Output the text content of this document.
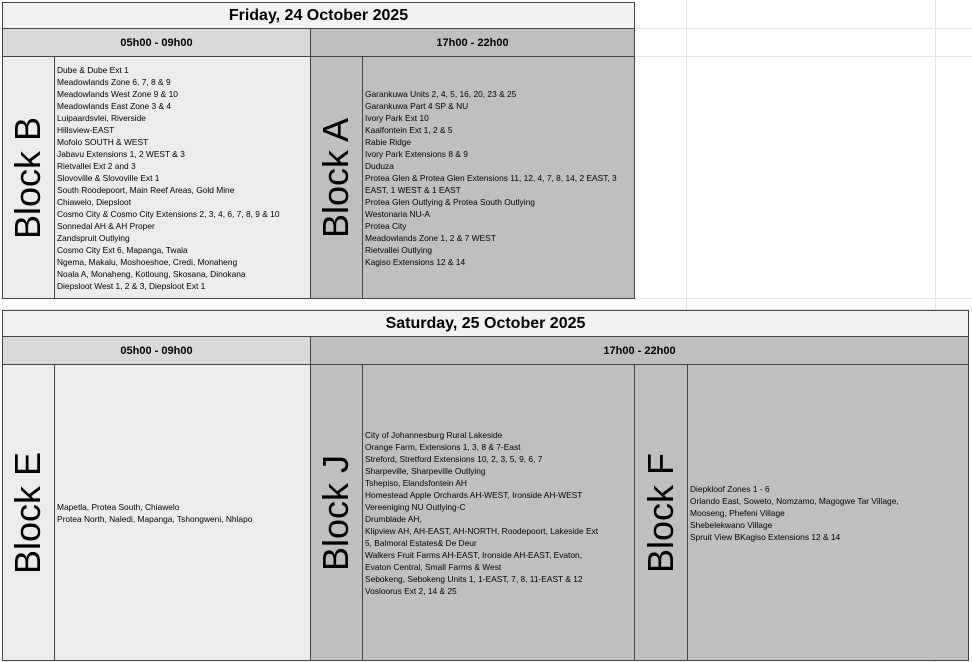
Friday, 24 October 2025
05h00 - 09h00	17h00 - 22h00
Block B
Dube & Dube Ext 1
Meadowlands Zone 6, 7, 8 & 9
Meadowlands West Zone 9 & 10
Meadowlands East Zone 3 & 4
Luipaardsvlei, Riverside
Hillsview-EAST
Mofolo SOUTH & WEST
Jabavu Extensions 1, 2 WEST & 3
Rietvallei Ext 2 and 3
Slovoville & Slovoville Ext 1
South Roodepoort, Main Reef Areas, Gold Mine
Chiawelo, Diepsloot
Cosmo City & Cosmo City Extensions 2, 3, 4, 6, 7, 8, 9 & 10
Sonnedal AH & AH Proper
Zandspruit Outlying
Cosmo City Ext 6, Mapanga, Twala
Ngema, Makalu, Moshoeshoe, Credi, Monaheng
Noala A, Monaheng, Kotloung, Skosana, Dinokana
Diepsloot West 1, 2 & 3, Diepsloot Ext 1
Block A
Garankuwa Units 2, 4, 5, 16, 20, 23 & 25
Garankuwa Part 4 SP & NU
Ivory Park Ext 10
Kaalfontein Ext 1, 2 & 5
Rabie Ridge
Ivory Park Extensions 8 & 9
Duduza
Protea Glen & Protea Glen Extensions 11, 12, 4, 7, 8, 14, 2 EAST, 3
EAST, 1 WEST & 1 EAST
Protea Glen Outlying & Protea South Outlying
Westonaria NU-A
Protea City
Meadowlands Zone 1, 2 & 7 WEST
Rietvallei Outlying
Kagiso Extensions 12 & 14
Saturday, 25 October 2025
05h00 - 09h00	17h00 - 22h00
Block E Mapetla, Protea South, Chiawelo
Protea North, Naledi, Mapanga, Tshongweni, Nhlapo Block J
City of Johannesburg Rural Lakeside
Orange Farm, Extensions 1, 3, 8 & 7-East
Streford, Stretford Extensions 10, 2, 3, 5, 9, 6, 7
Sharpeville, Sharpeville Outlying
Tshepiso, Elandsfontein AH
Homestead Apple Orchards AH-WEST, Ironside AH-WEST
Vereeniging NU Outlying-C
Drumblade AH,
Klipview AH, AH-EAST, AH-NORTH, Roodepoort, Lakeside Ext
5, Balmoral Estates& De Deur
Walkers Fruit Farms AH-EAST, Ironside AH-EAST, Evaton,
Evaton Central, Small Farms & West
Sebokeng, Sebokeng Units 1, 1-EAST, 7, 8, 11-EAST & 12
Vosloorus Ext 2, 14 & 25
Block F Diepkloof Zones 1 - 6
Orlando East, Soweto, Nomzamo, Magogwe Tar Village,
Mooseng, Phefeni Village
Shebelekwano Village
Spruit View BKagiso Extensions 12 & 14
